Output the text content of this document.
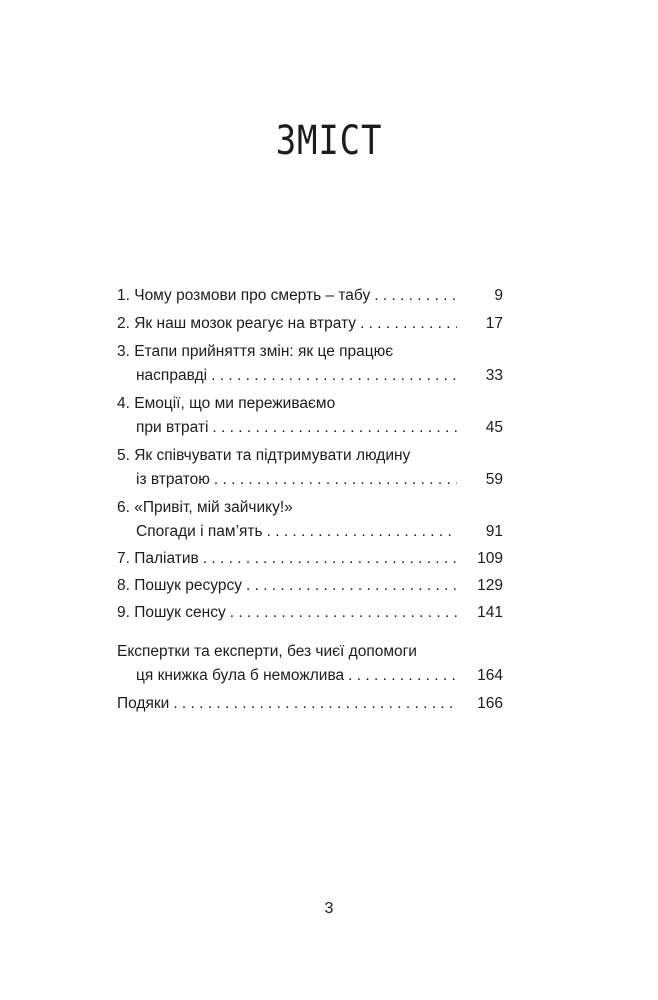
ЗМІСТ
1. Чому розмови про смерть – табу . . .	9
2. Як наш мозок реагує на втрату . . .	17
3. Етапи прийняття змін: як це працює
насправді . . .	33
4. Емоції, що ми переживаємо
при втраті . . .	45
5. Як співчувати та підтримувати людину
із втратою . . .	59
6. «Привіт, мій зайчику!»
Спогади і пам’ять . . .	91
7. Паліатив . . .	109
8. Пошук ресурсу . . .	129
9. Пошук сенсу . . .	141
Експертки та експерти, без чиєї допомоги
ця книжка була б неможлива . . .	164
Подяки . . .	166
3
